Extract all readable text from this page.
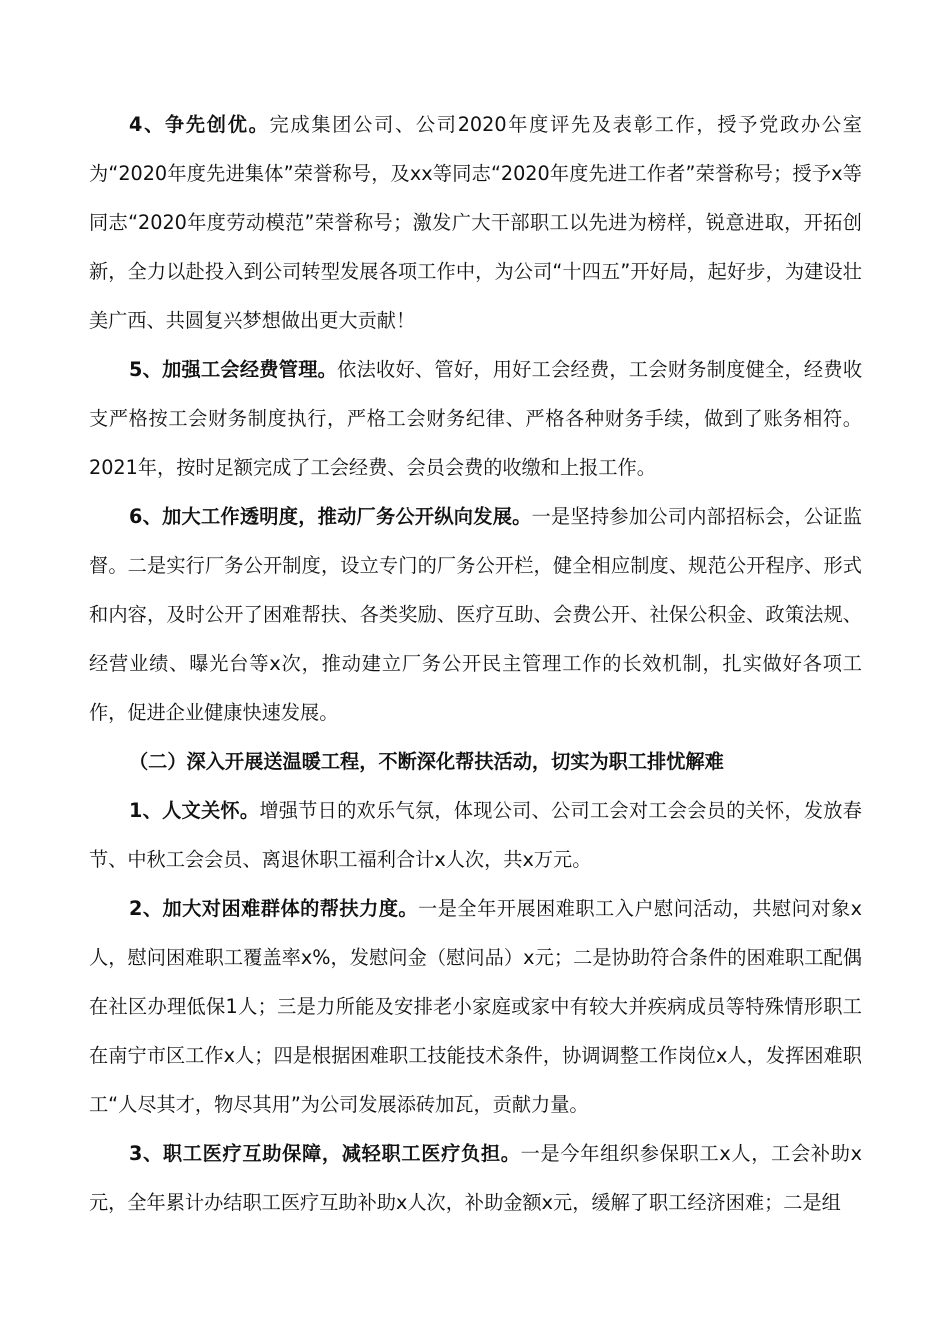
4、争先创优。完成集团公司、公司2020年度评先及表彰工作，授予党政办公室为“2020年度先进集体”荣誉称号，及xx等同志“2020年度先进工作者”荣誉称号；授予x等同志“2020年度劳动模范”荣誉称号；激发广大干部职工以先进为榜样，锐意进取，开拓创新，全力以赴投入到公司转型发展各项工作中，为公司“十四五”开好局，起好步，为建设壮美广西、共圆复兴梦想做出更大贡献！

5、加强工会经费管理。依法收好、管好，用好工会经费，工会财务制度健全，经费收支严格按工会财务制度执行，严格工会财务纪律、严格各种财务手续，做到了账务相符。2021年，按时足额完成了工会经费、会员会费的收缴和上报工作。

6、加大工作透明度，推动厂务公开纵向发展。一是坚持参加公司内部招标会，公证监督。二是实行厂务公开制度，设立专门的厂务公开栏，健全相应制度、规范公开程序、形式和内容，及时公开了困难帮扶、各类奖励、医疗互助、会费公开、社保公积金、政策法规、经营业绩、曝光台等x次，推动建立厂务公开民主管理工作的长效机制，扎实做好各项工作，促进企业健康快速发展。

（二）深入开展送温暖工程，不断深化帮扶活动，切实为职工排忧解难

1、人文关怀。增强节日的欢乐气氛，体现公司、公司工会对工会会员的关怀，发放春节、中秋工会会员、离退休职工福利合计x人次，共x万元。

2、加大对困难群体的帮扶力度。一是全年开展困难职工入户慰问活动，共慰问对象x人，慰问困难职工覆盖率x%，发慰问金（慰问品）x元；二是协助符合条件的困难职工配偶在社区办理低保1人；三是力所能及安排老小家庭或家中有较大并疾病成员等特殊情形职工在南宁市区工作x人；四是根据困难职工技能技术条件，协调调整工作岗位x人，发挥困难职工“人尽其才，物尽其用”为公司发展添砖加瓦，贡献力量。

3、职工医疗互助保障，减轻职工医疗负担。一是今年组织参保职工x人，工会补助x元，全年累计办结职工医疗互助补助x人次，补助金额x元，缓解了职工经济困难；二是组
